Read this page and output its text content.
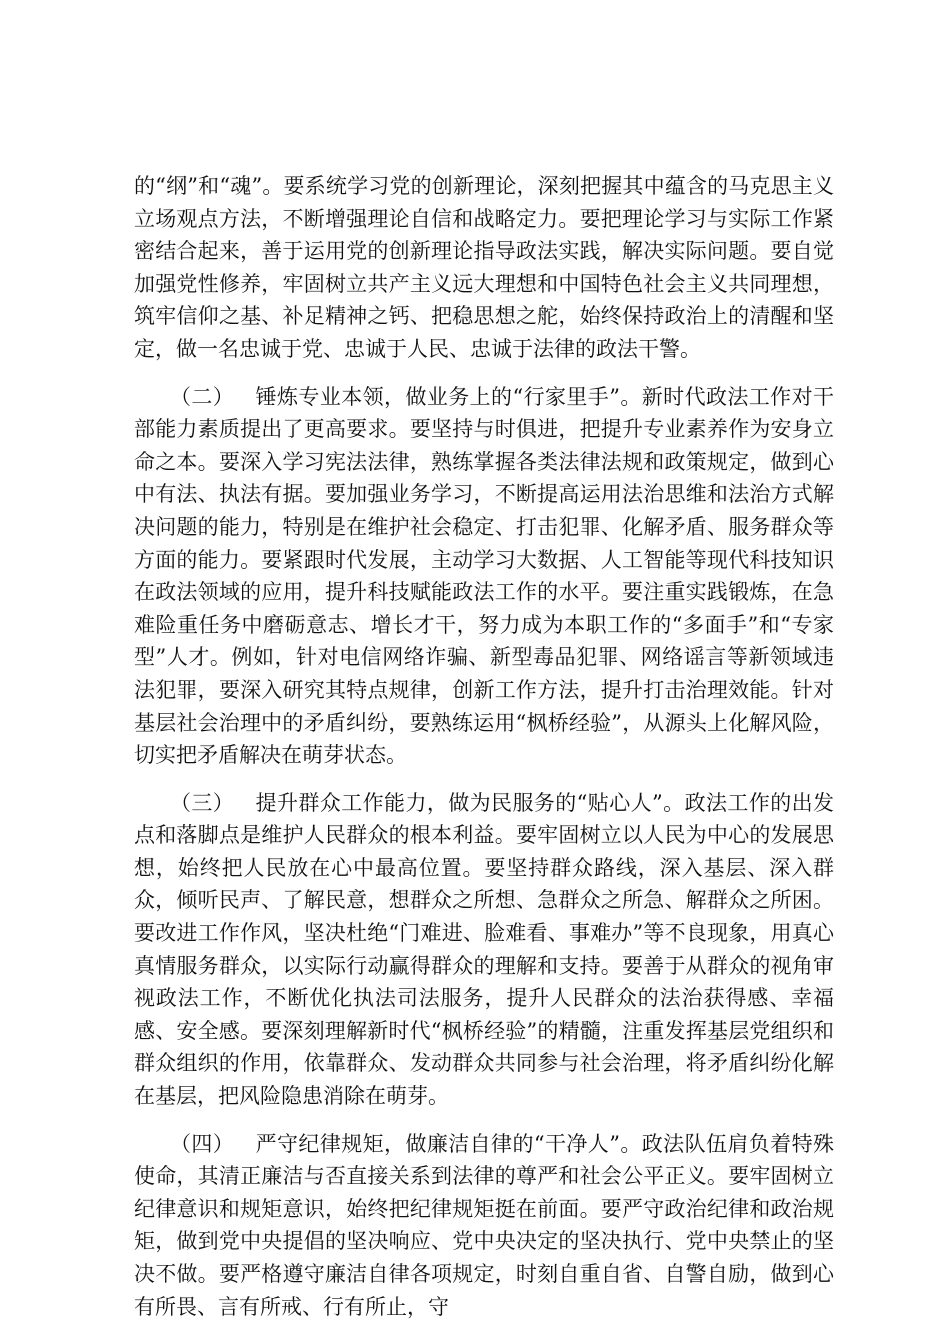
的“纲”和“魂”。要系统学习党的创新理论，深刻把握其中蕴含的马克思主义立场观点方法，不断增强理论自信和战略定力。要把理论学习与实际工作紧密结合起来，善于运用党的创新理论指导政法实践，解决实际问题。要自觉加强党性修养，牢固树立共产主义远大理想和中国特色社会主义共同理想，筑牢信仰之基、补足精神之钙、把稳思想之舵，始终保持政治上的清醒和坚定，做一名忠诚于党、忠诚于人民、忠诚于法律的政法干警。

（二） 锤炼专业本领，做业务上的“行家里手”。新时代政法工作对干部能力素质提出了更高要求。要坚持与时俱进，把提升专业素养作为安身立命之本。要深入学习宪法法律，熟练掌握各类法律法规和政策规定，做到心中有法、执法有据。要加强业务学习，不断提高运用法治思维和法治方式解决问题的能力，特别是在维护社会稳定、打击犯罪、化解矛盾、服务群众等方面的能力。要紧跟时代发展，主动学习大数据、人工智能等现代科技知识在政法领域的应用，提升科技赋能政法工作的水平。要注重实践锻炼，在急难险重任务中磨砺意志、增长才干，努力成为本职工作的“多面手”和“专家型”人才。例如，针对电信网络诈骗、新型毒品犯罪、网络谣言等新领域违法犯罪，要深入研究其特点规律，创新工作方法，提升打击治理效能。针对基层社会治理中的矛盾纠纷，要熟练运用“枫桥经验”，从源头上化解风险，切实把矛盾解决在萌芽状态。

（三） 提升群众工作能力，做为民服务的“贴心人”。政法工作的出发点和落脚点是维护人民群众的根本利益。要牢固树立以人民为中心的发展思想，始终把人民放在心中最高位置。要坚持群众路线，深入基层、深入群众，倾听民声、了解民意，想群众之所想、急群众之所急、解群众之所困。要改进工作作风，坚决杜绝“门难进、脸难看、事难办”等不良现象，用真心真情服务群众，以实际行动赢得群众的理解和支持。要善于从群众的视角审视政法工作，不断优化执法司法服务，提升人民群众的法治获得感、幸福感、安全感。要深刻理解新时代“枫桥经验”的精髓，注重发挥基层党组织和群众组织的作用，依靠群众、发动群众共同参与社会治理，将矛盾纠纷化解在基层，把风险隐患消除在萌芽。

（四） 严守纪律规矩，做廉洁自律的“干净人”。政法队伍肩负着特殊使命，其清正廉洁与否直接关系到法律的尊严和社会公平正义。要牢固树立纪律意识和规矩意识，始终把纪律规矩挺在前面。要严守政治纪律和政治规矩，做到党中央提倡的坚决响应、党中央决定的坚决执行、党中央禁止的坚决不做。要严格遵守廉洁自律各项规定，时刻自重自省、自警自励，做到心有所畏、言有所戒、行有所止，守
